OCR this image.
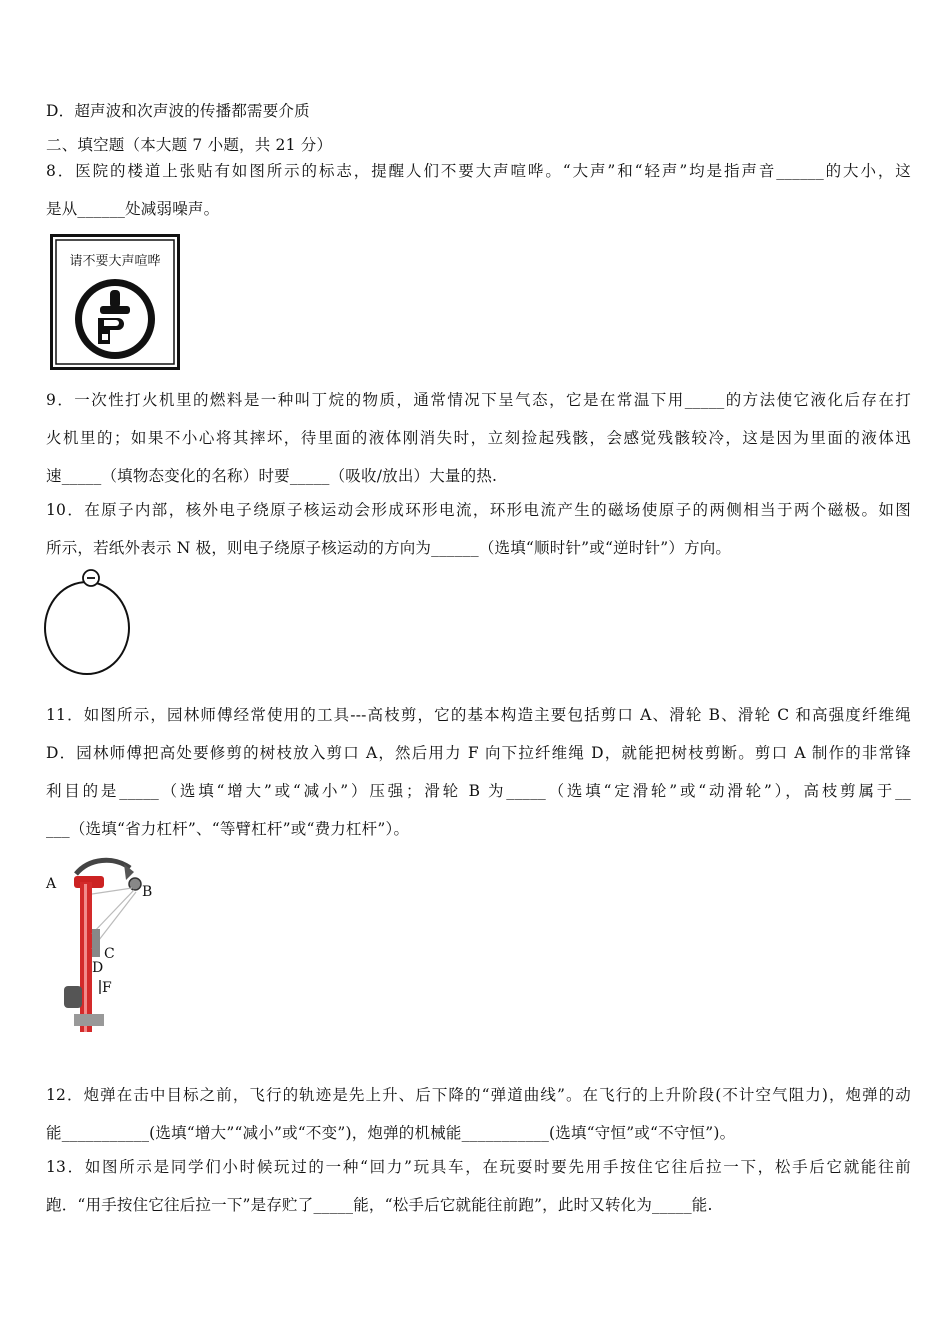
D．超声波和次声波的传播都需要介质
二、填空题（本大题 7 小题，共 21 分）
8．医院的楼道上张贴有如图所示的标志，提醒人们不要大声喧哗。“大声”和“轻声”均是指声音______的大小，这
是从______处减弱噪声。
请不要大声喧哗
9．一次性打火机里的燃料是一种叫丁烷的物质，通常情况下呈气态，它是在常温下用_____的方法使它液化后存在打
火机里的；如果不小心将其摔坏，待里面的液体刚消失时，立刻捡起残骸，会感觉残骸较冷，这是因为里面的液体迅
速_____（填物态变化的名称）时要_____（吸收/放出）大量的热.
10．在原子内部，核外电子绕原子核运动会形成环形电流，环形电流产生的磁场使原子的两侧相当于两个磁极。如图
所示，若纸外表示 N 极，则电子绕原子核运动的方向为______（选填“顺时针”或“逆时针”）方向。
11．如图所示，园林师傅经常使用的工具---高枝剪，它的基本构造主要包括剪口 A、滑轮 B、滑轮 C 和高强度纤维绳
D．园林师傅把高处要修剪的树枝放入剪口 A，然后用力 F 向下拉纤维绳 D，就能把树枝剪断。剪口 A 制作的非常锋
利目的是_____（选填“增大”或“减小”）压强；滑轮 B 为_____（选填“定滑轮”或“动滑轮”），高枝剪属于__
___（选填“省力杠杆”、“等臂杠杆”或“费力杠杆”）。
A	B
C
D
F
12．炮弹在击中目标之前，飞行的轨迹是先上升、后下降的“弹道曲线”。在飞行的上升阶段(不计空气阻力)，炮弹的动
能___________(选填“增大”“减小”或“不变”)，炮弹的机械能___________(选填“守恒”或“不守恒”)。
13．如图所示是同学们小时候玩过的一种“回力”玩具车，在玩耍时要先用手按住它往后拉一下，松手后它就能往前
跑．“用手按住它往后拉一下”是存贮了_____能，“松手后它就能往前跑”，此时又转化为_____能.
